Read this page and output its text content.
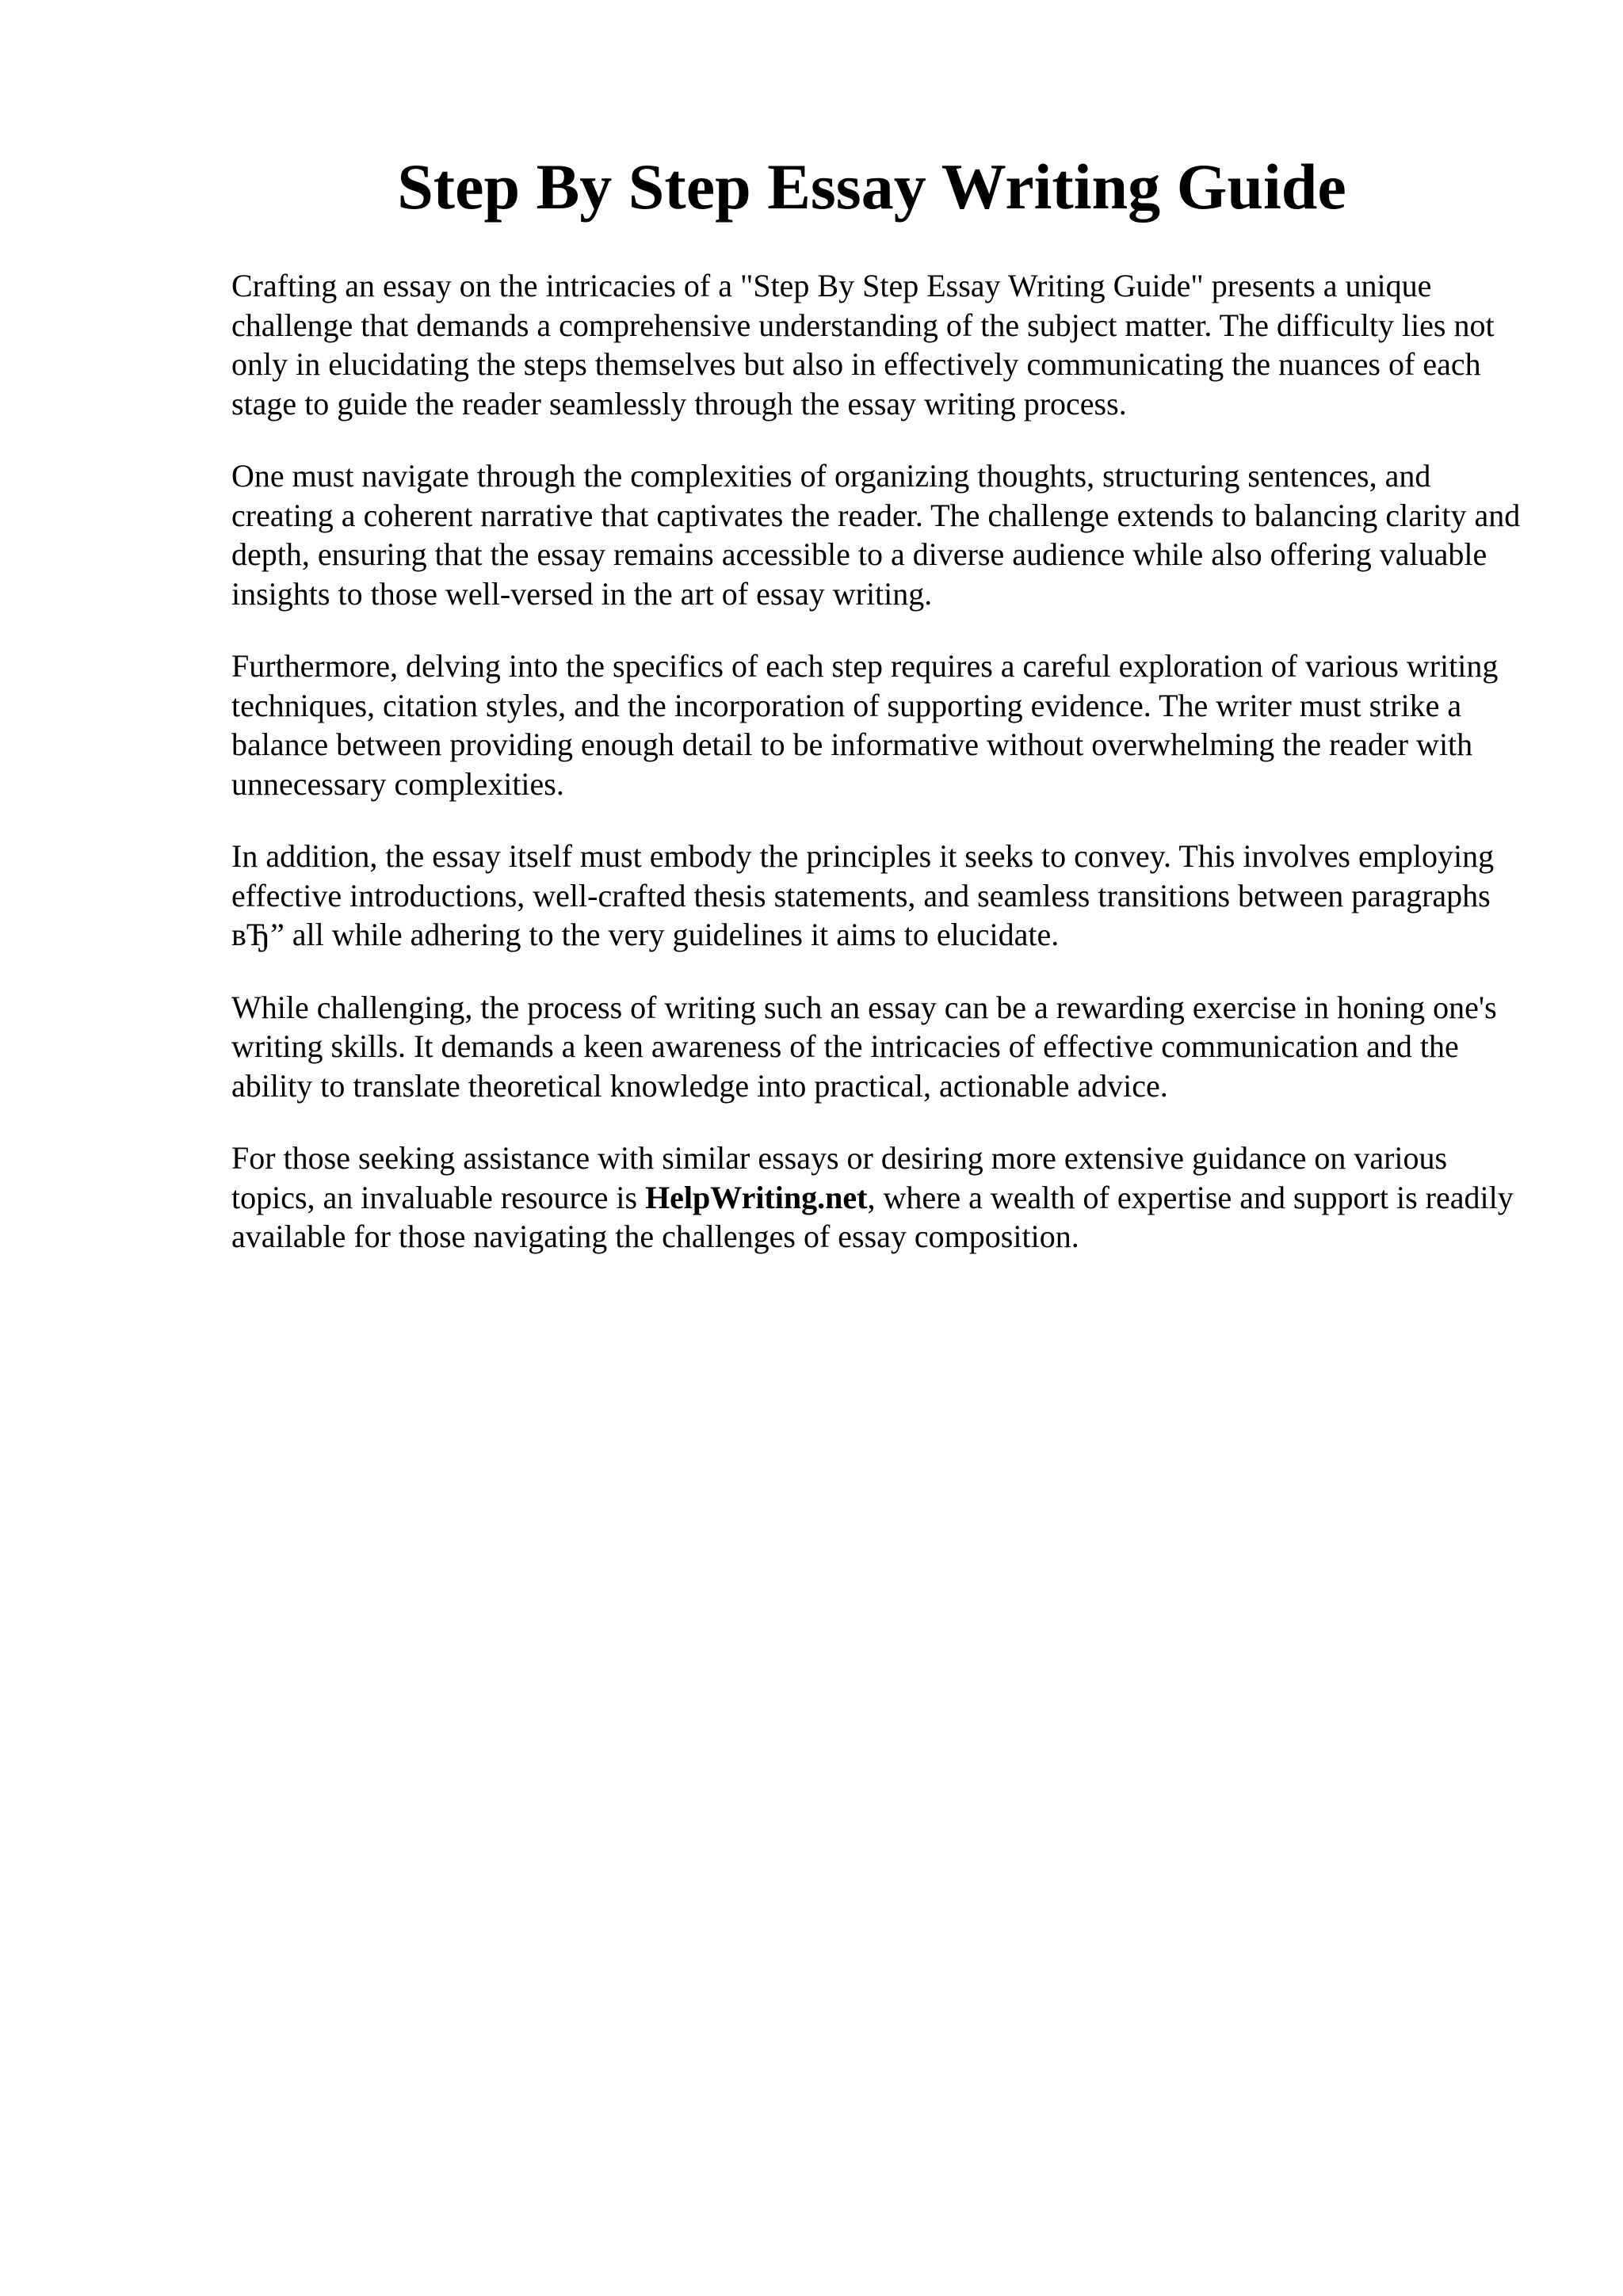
Step By Step Essay Writing Guide

Crafting an essay on the intricacies of a "Step By Step Essay Writing Guide" presents a unique challenge that demands a comprehensive understanding of the subject matter. The difficulty lies not only in elucidating the steps themselves but also in effectively communicating the nuances of each stage to guide the reader seamlessly through the essay writing process.

One must navigate through the complexities of organizing thoughts, structuring sentences, and creating a coherent narrative that captivates the reader. The challenge extends to balancing clarity and depth, ensuring that the essay remains accessible to a diverse audience while also offering valuable insights to those well-versed in the art of essay writing.

Furthermore, delving into the specifics of each step requires a careful exploration of various writing techniques, citation styles, and the incorporation of supporting evidence. The writer must strike a balance between providing enough detail to be informative without overwhelming the reader with unnecessary complexities.

In addition, the essay itself must embody the principles it seeks to convey. This involves employing effective introductions, well-crafted thesis statements, and seamless transitions between paragraphs вЂ” all while adhering to the very guidelines it aims to elucidate.

While challenging, the process of writing such an essay can be a rewarding exercise in honing one's writing skills. It demands a keen awareness of the intricacies of effective communication and the ability to translate theoretical knowledge into practical, actionable advice.

For those seeking assistance with similar essays or desiring more extensive guidance on various topics, an invaluable resource is HelpWriting.net, where a wealth of expertise and support is readily available for those navigating the challenges of essay composition.
